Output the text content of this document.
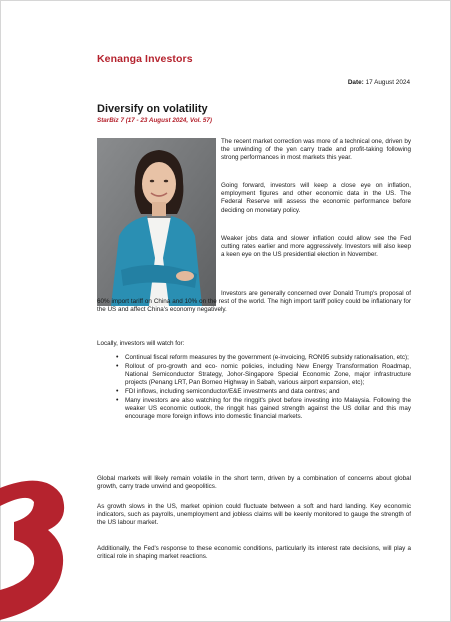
Kenanga Investors
Date: 17 August 2024
Diversify on volatility
StarBiz 7 (17 - 23 August 2024, Vol. 57)

The recent market correction was more of a technical one, driven by the unwinding of the yen carry trade and profit-taking following strong performances in most markets this year.

Going forward, investors will keep a close eye on inflation, employment figures and other economic data in the US. The Federal Reserve will assess the economic performance before deciding on monetary policy.

Weaker jobs data and slower inflation could allow see the Fed cutting rates earlier and more aggressively. Investors will also keep a keen eye on the US presidential election in November.

Investors are generally concerned over Donald Trump's proposal of 60% import tariff on China and 10% on the rest of the world. The high import tariff policy could be inflationary for the US and affect China's economy negatively.

Locally, investors will watch for:

• Continual fiscal reform measures by the government (e-invoicing, RON95 subsidy rationalisation, etc);
• Rollout of pro-growth and eco- nomic policies, including New Energy Transformation Roadmap, National Semiconductor Strategy, Johor-Singapore Special Economic Zone, major infrastructure projects (Penang LRT, Pan Borneo Highway in Sabah, various airport expansion, etc);
• FDI inflows, including semiconductor/E&E investments and data centres; and
• Many investors are also watching for the ringgit's pivot before investing into Malaysia. Following the weaker US economic outlook, the ringgit has gained strength against the US dollar and this may encourage more foreign inflows into domestic financial markets.

Global markets will likely remain volatile in the short term, driven by a combination of concerns about global growth, carry trade unwind and geopolitics.

As growth slows in the US, market opinion could fluctuate between a soft and hard landing. Key economic indicators, such as payrolls, unemployment and jobless claims will be keenly monitored to gauge the strength of the US labour market.

Additionally, the Fed's response to these economic conditions, particularly its interest rate decisions, will play a critical role in shaping market reactions.
